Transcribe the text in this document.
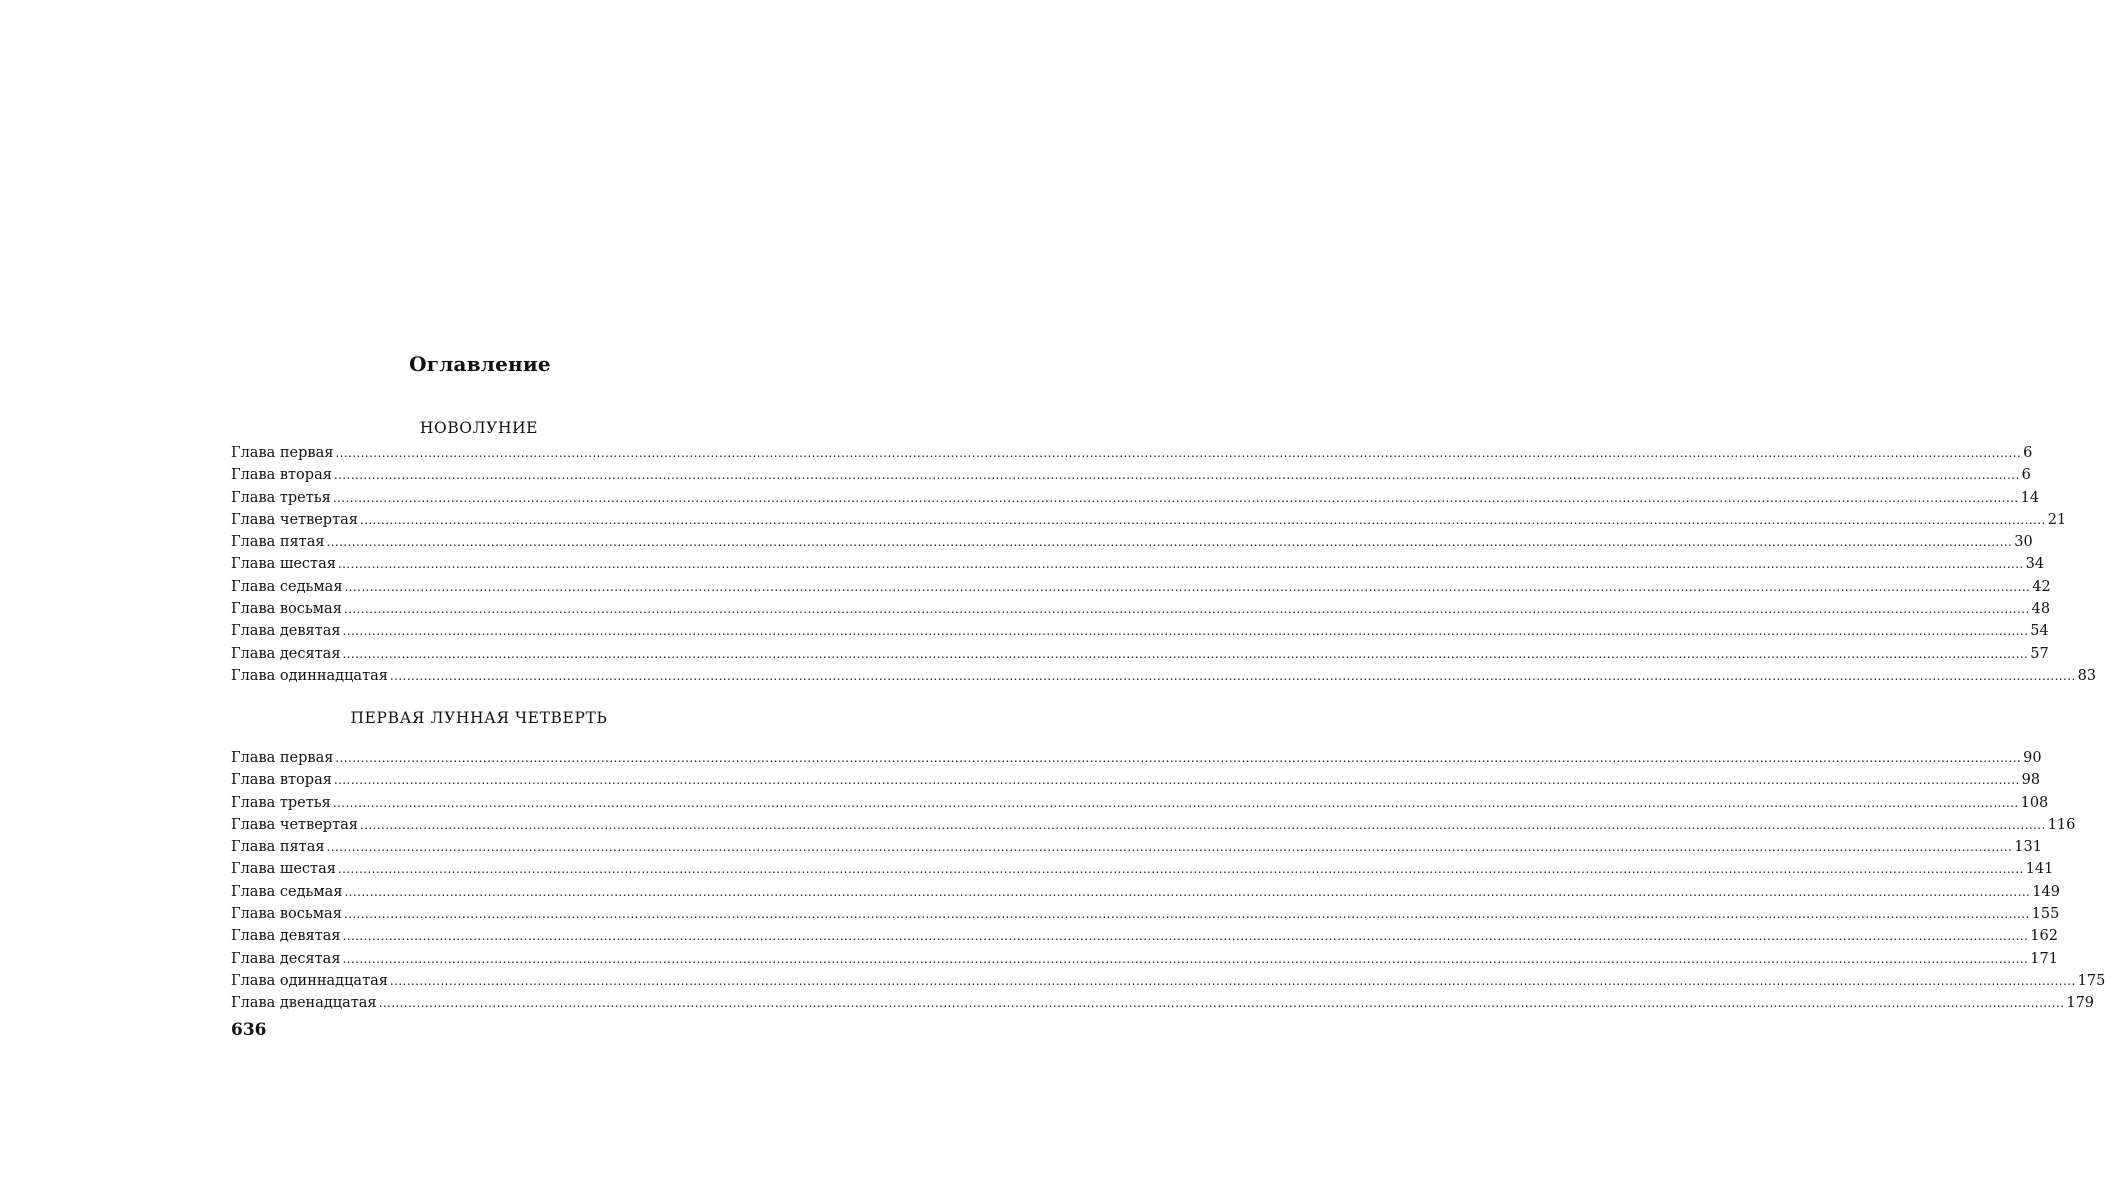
Оглавление
НОВОЛУНИЕ
Глава первая ................................................................................................................................................................................................................................................................................................................................................................................................................ 6
Глава вторая ................................................................................................................................................................................................................................................................................................................................................................................................................ 6
Глава третья ................................................................................................................................................................................................................................................................................................................................................................................................................ 14
Глава четвертая ................................................................................................................................................................................................................................................................................................................................................................................................................ 21
Глава пятая ................................................................................................................................................................................................................................................................................................................................................................................................................ 30
Глава шестая ................................................................................................................................................................................................................................................................................................................................................................................................................ 34
Глава седьмая ................................................................................................................................................................................................................................................................................................................................................................................................................ 42
Глава восьмая ................................................................................................................................................................................................................................................................................................................................................................................................................ 48
Глава девятая ................................................................................................................................................................................................................................................................................................................................................................................................................ 54
Глава десятая ................................................................................................................................................................................................................................................................................................................................................................................................................ 57
Глава одиннадцатая ................................................................................................................................................................................................................................................................................................................................................................................................................ 83
ПЕРВАЯ ЛУННАЯ ЧЕТВЕРТЬ
Глава первая ................................................................................................................................................................................................................................................................................................................................................................................................................ 90
Глава вторая ................................................................................................................................................................................................................................................................................................................................................................................................................ 98
Глава третья ................................................................................................................................................................................................................................................................................................................................................................................................................ 108
Глава четвертая ................................................................................................................................................................................................................................................................................................................................................................................................................ 116
Глава пятая ................................................................................................................................................................................................................................................................................................................................................................................................................ 131
Глава шестая ................................................................................................................................................................................................................................................................................................................................................................................................................ 141
Глава седьмая ................................................................................................................................................................................................................................................................................................................................................................................................................ 149
Глава восьмая ................................................................................................................................................................................................................................................................................................................................................................................................................ 155
Глава девятая ................................................................................................................................................................................................................................................................................................................................................................................................................ 162
Глава десятая ................................................................................................................................................................................................................................................................................................................................................................................................................ 171
Глава одиннадцатая ................................................................................................................................................................................................................................................................................................................................................................................................................ 175
Глава двенадцатая ................................................................................................................................................................................................................................................................................................................................................................................................................ 179
636
